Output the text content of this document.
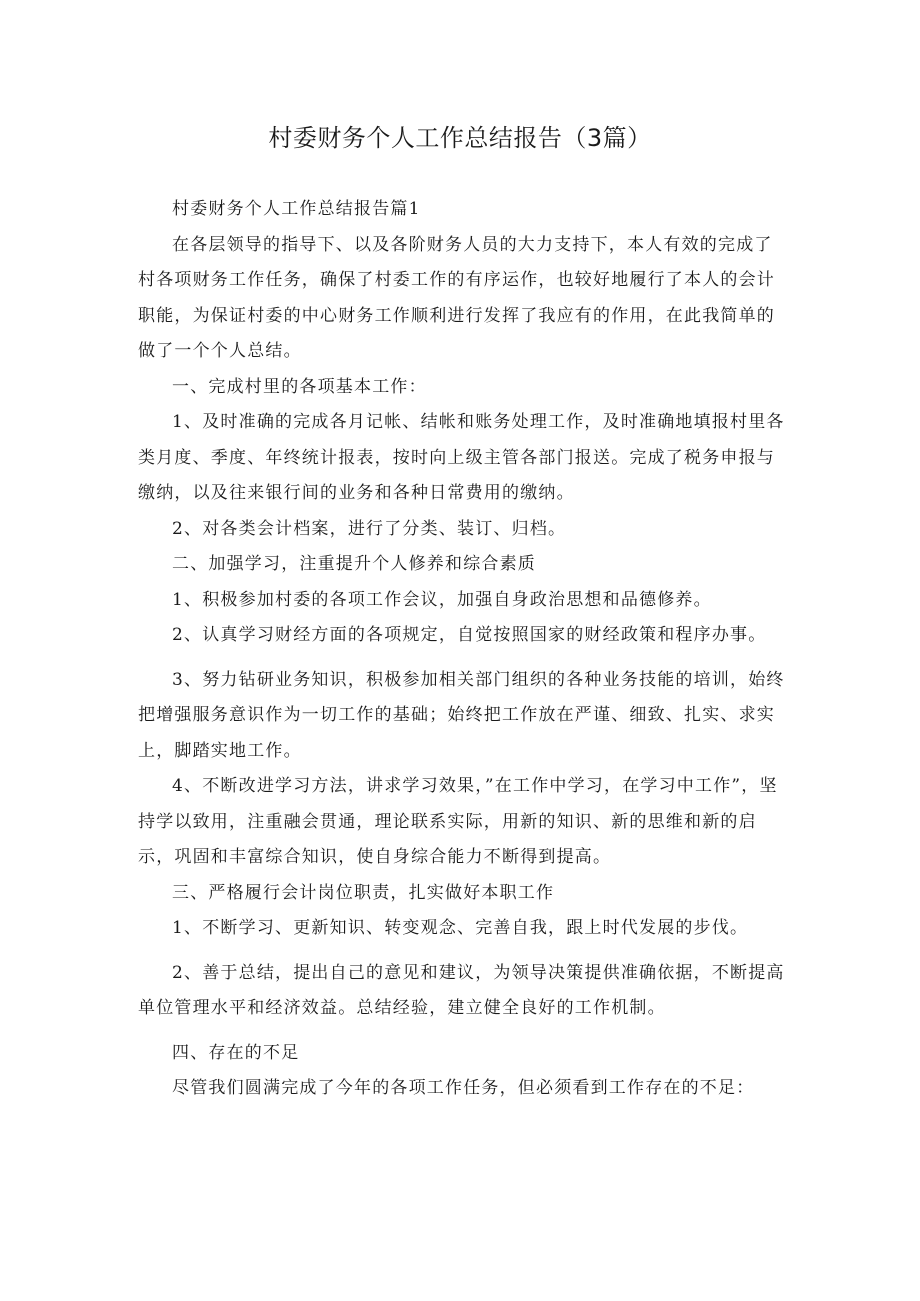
村委财务个人工作总结报告（3篇）

村委财务个人工作总结报告篇1

在各层领导的指导下、以及各阶财务人员的大力支持下，本人有效的完成了村各项财务工作任务，确保了村委工作的有序运作，也较好地履行了本人的会计职能，为保证村委的中心财务工作顺利进行发挥了我应有的作用，在此我简单的做了一个个人总结。

一、完成村里的各项基本工作：

1、及时准确的完成各月记帐、结帐和账务处理工作，及时准确地填报村里各类月度、季度、年终统计报表，按时向上级主管各部门报送。完成了税务申报与缴纳，以及往来银行间的业务和各种日常费用的缴纳。

2、对各类会计档案，进行了分类、装订、归档。

二、加强学习，注重提升个人修养和综合素质

1、积极参加村委的各项工作会议，加强自身政治思想和品德修养。

2、认真学习财经方面的各项规定，自觉按照国家的财经政策和程序办事。

3、努力钻研业务知识，积极参加相关部门组织的各种业务技能的培训，始终把增强服务意识作为一切工作的基础；始终把工作放在严谨、细致、扎实、求实上，脚踏实地工作。

4、不断改进学习方法，讲求学习效果，”在工作中学习，在学习中工作”，坚持学以致用，注重融会贯通，理论联系实际，用新的知识、新的思维和新的启示，巩固和丰富综合知识，使自身综合能力不断得到提高。

三、严格履行会计岗位职责，扎实做好本职工作

1、不断学习、更新知识、转变观念、完善自我，跟上时代发展的步伐。

2、善于总结，提出自己的意见和建议，为领导决策提供准确依据，不断提高单位管理水平和经济效益。总结经验，建立健全良好的工作机制。

四、存在的不足

尽管我们圆满完成了今年的各项工作任务，但必须看到工作存在的不足：
